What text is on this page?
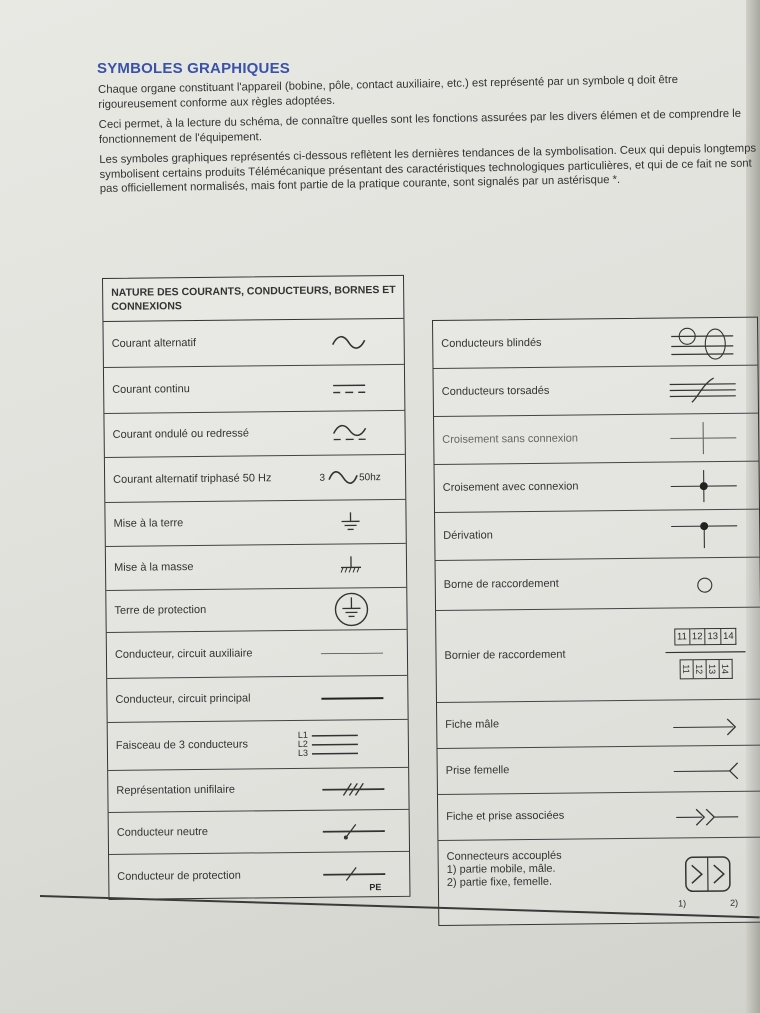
SYMBOLES GRAPHIQUES

Chaque organe constituant l'appareil (bobine, pôle, contact auxiliaire, etc.) est représenté par un symbole q doit être rigoureusement conforme aux règles adoptées.

Ceci permet, à la lecture du schéma, de connaître quelles sont les fonctions assurées par les divers élémen et de comprendre le fonctionnement de l'équipement.

Les symboles graphiques représentés ci-dessous reflètent les dernières tendances de la symbolisation. Ceux qui depuis longtemps symbolisent certains produits Télémécanique présentant des caractéristiques technologiques particulières, et qui de ce fait ne sont pas officiellement normalisés, mais font partie de la pratique courante, sont signalés par un astérisque *.

NATURE DES COURANTS, CONDUCTEURS, BORNES ET CONNEXIONS
Courant alternatif
Courant continu
Courant ondulé ou redressé
Courant alternatif triphasé 50 Hz	3	50hz
Mise à la terre
Mise à la masse
Terre de protection
Conducteur, circuit auxiliaire
Conducteur, circuit principal
Faisceau de 3 conducteurs
L1
L2
L3
Représentation unifilaire
Conducteur neutre
Conducteur de protection
PE
Conducteurs blindés
Conducteurs torsadés
Croisement sans connexion
Croisement avec connexion
Dérivation
Borne de raccordement
Bornier de raccordement
11 12 13 14
11 12 13 14
Fiche mâle
Prise femelle
Fiche et prise associées
Connecteurs accouplés
1) partie mobile, mâle.
2) partie fixe, femelle.
1)	2)
